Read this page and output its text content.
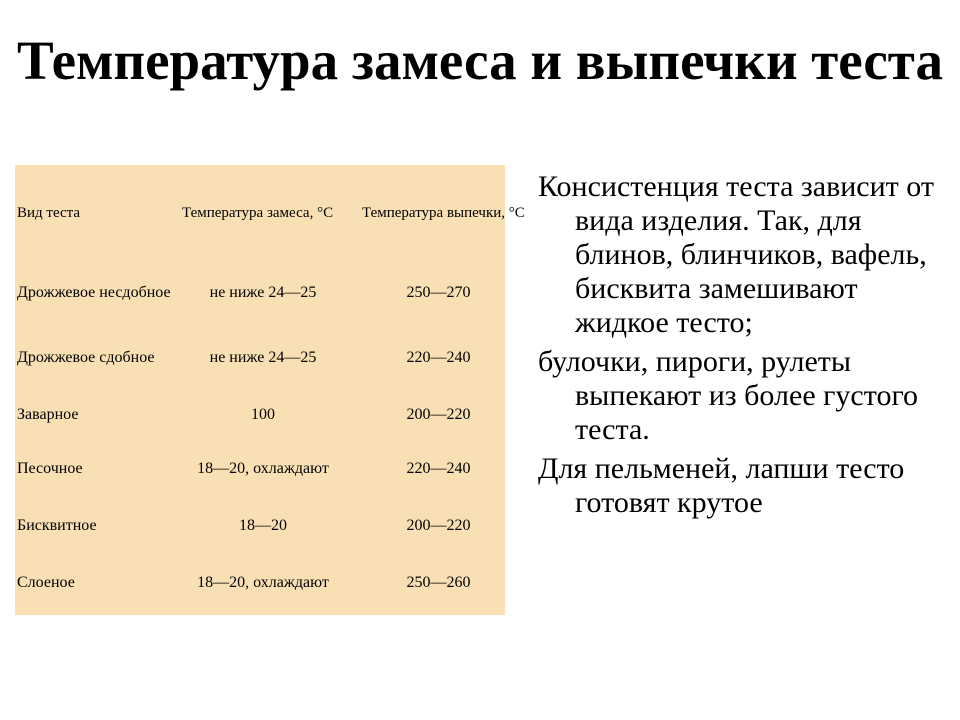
Температура замеса и выпечки теста
Вид теста	Температура замеса, °С	Температура выпечки, °С
Дрожжевое несдобное	не ниже 24—25	250—270
Дрожжевое сдобное	не ниже 24—25	220—240
Заварное	100	200—220
Песочное	18—20, охлаждают	220—240
Бисквитное	18—20	200—220
Слоеное	18—20, охлаждают	250—260

Консистенция теста зависит от вида изделия. Так, для блинов, блинчиков, вафель, бисквита замешивают жидкое тесто;

булочки, пироги, рулеты выпекают из более густого теста.

Для пельменей, лапши тесто готовят крутое
